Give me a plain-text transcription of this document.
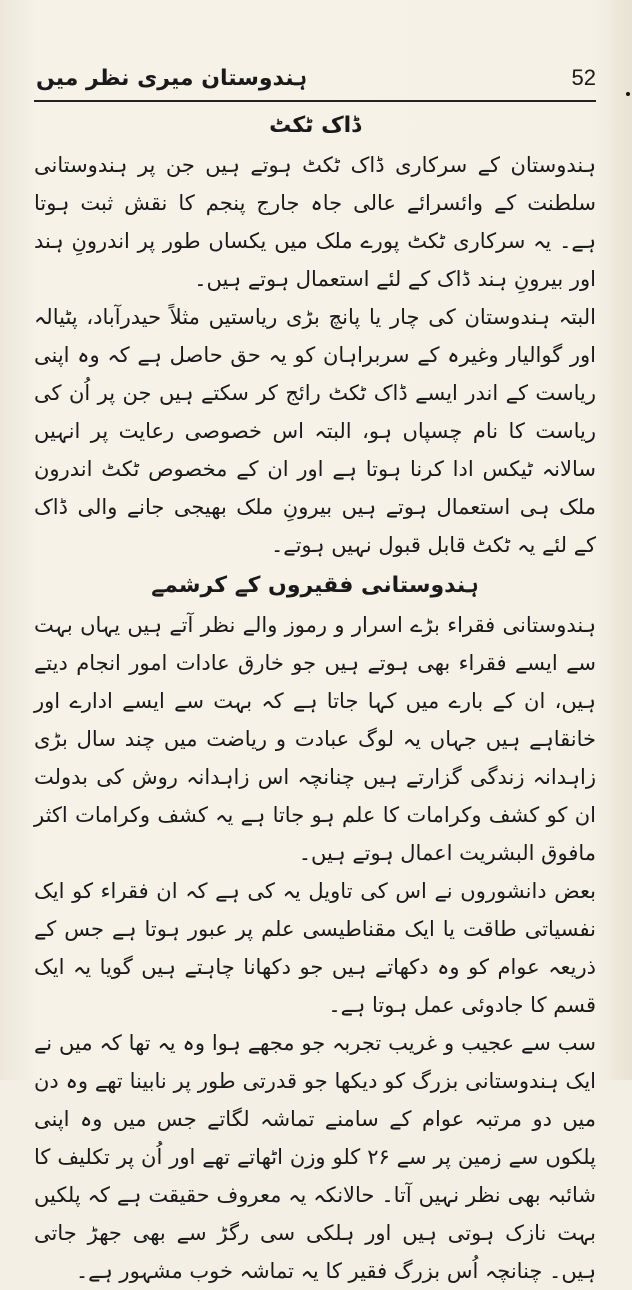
ہندوستان میری نظر میں	52
ڈاک ٹکٹ

ہندوستان کے سرکاری ڈاک ٹکٹ ہوتے ہیں جن پر ہندوستانی سلطنت کے وائسرائے عالی جاہ جارج پنجم کا نقش ثبت ہوتا ہے۔ یہ سرکاری ٹکٹ پورے ملک میں یکساں طور پر اندرونِ ہند اور بیرونِ ہند ڈاک کے لئے استعمال ہوتے ہیں۔

البتہ ہندوستان کی چار یا پانچ بڑی ریاستیں مثلاً حیدرآباد، پٹیالہ اور گوالیار وغیرہ کے سربراہان کو یہ حق حاصل ہے کہ وہ اپنی ریاست کے اندر ایسے ڈاک ٹکٹ رائج کر سکتے ہیں جن پر اُن کی ریاست کا نام چسپاں ہو، البتہ اس خصوصی رعایت پر انہیں سالانہ ٹیکس ادا کرنا ہوتا ہے اور ان کے مخصوص ٹکٹ اندرون ملک ہی استعمال ہوتے ہیں بیرونِ ملک بھیجی جانے والی ڈاک کے لئے یہ ٹکٹ قابل قبول نہیں ہوتے۔

ہندوستانی فقیروں کے کرشمے

ہندوستانی فقراء بڑے اسرار و رموز والے نظر آتے ہیں یہاں بہت سے ایسے فقراء بھی ہوتے ہیں جو خارق عادات امور انجام دیتے ہیں، ان کے بارے میں کہا جاتا ہے کہ بہت سے ایسے ادارے اور خانقاہے ہیں جہاں یہ لوگ عبادت و ریاضت میں چند سال بڑی زاہدانہ زندگی گزارتے ہیں چنانچہ اس زاہدانہ روش کی بدولت ان کو کشف وکرامات کا علم ہو جاتا ہے یہ کشف وکرامات اکثر مافوق البشریت اعمال ہوتے ہیں۔

بعض دانشوروں نے اس کی تاویل یہ کی ہے کہ ان فقراء کو ایک نفسیاتی طاقت یا ایک مقناطیسی علم پر عبور ہوتا ہے جس کے ذریعہ عوام کو وہ دکھاتے ہیں جو دکھانا چاہتے ہیں گویا یہ ایک قسم کا جادوئی عمل ہوتا ہے۔

سب سے عجیب و غریب تجربہ جو مجھے ہوا وہ یہ تھا کہ میں نے ایک ہندوستانی بزرگ کو دیکھا جو قدرتی طور پر نابینا تھے وہ دن میں دو مرتبہ عوام کے سامنے تماشہ لگاتے جس میں وہ اپنی پلکوں سے زمین پر سے ۲۶ کلو وزن اٹھاتے تھے اور اُن پر تکلیف کا شائبہ بھی نظر نہیں آتا۔ حالانکہ یہ معروف حقیقت ہے کہ پلکیں بہت نازک ہوتی ہیں اور ہلکی سی رگڑ سے بھی جھڑ جاتی ہیں۔ چنانچہ اُس بزرگ فقیر کا یہ تماشہ خوب مشہور ہے۔
